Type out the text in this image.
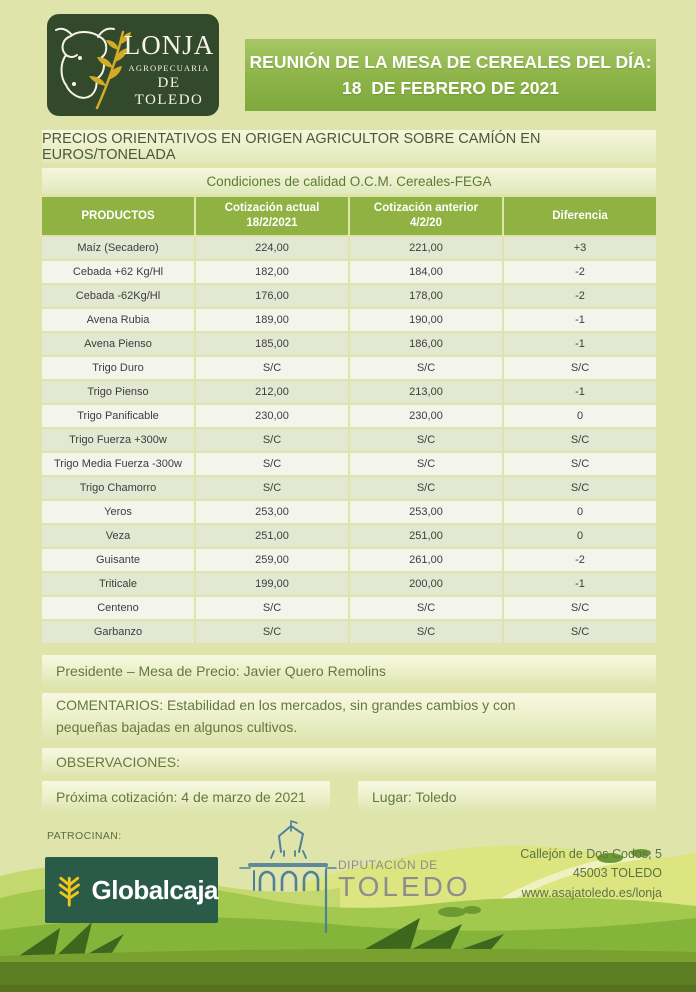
LONJA
AGROPECUARIA
DE TOLEDO
REUNIÓN DE LA MESA DE CEREALES DEL DÍA:
18  DE FEBRERO DE 2021
PRECIOS ORIENTATIVOS EN ORIGEN AGRICULTOR SOBRE CAMÍÓN EN EUROS/TONELADA
Condiciones de calidad O.C.M. Cereales-FEGA
PRODUCTOS
Cotización actual
18/2/2021
Cotización anterior
4/2/20
Diferencia
Maíz (Secadero)	224,00	221,00	+3
Cebada +62 Kg/Hl	182,00	184,00	-2
Cebada -62Kg/Hl	176,00	178,00	-2
Avena Rubia	189,00	190,00	-1
Avena Pienso	185,00	186,00	-1
Trigo Duro	S/C	S/C	S/C
Trigo Pienso	212,00	213,00	-1
Trigo Panificable	230,00	230,00	0
Trigo Fuerza +300w	S/C	S/C	S/C
Trigo Media Fuerza -300w	S/C	S/C	S/C
Trigo Chamorro	S/C	S/C	S/C
Yeros	253,00	253,00	0
Veza	251,00	251,00	0
Guisante	259,00	261,00	-2
Triticale	199,00	200,00	-1
Centeno	S/C	S/C	S/C
Garbanzo	S/C	S/C	S/C
Presidente – Mesa de Precio: Javier Quero Remolins
COMENTARIOS: Estabilidad en los mercados, sin grandes cambios y con pequeñas bajadas en algunos cultivos.
OBSERVACIONES:
Próxima cotización: 4 de marzo de 2021	Lugar: Toledo
PATROCINAN:
Globalcaja
DIPUTACIÓN DE
TOLEDO
Callejón de Dos Codos, 5
45003 TOLEDO
www.asajatoledo.es/lonja
